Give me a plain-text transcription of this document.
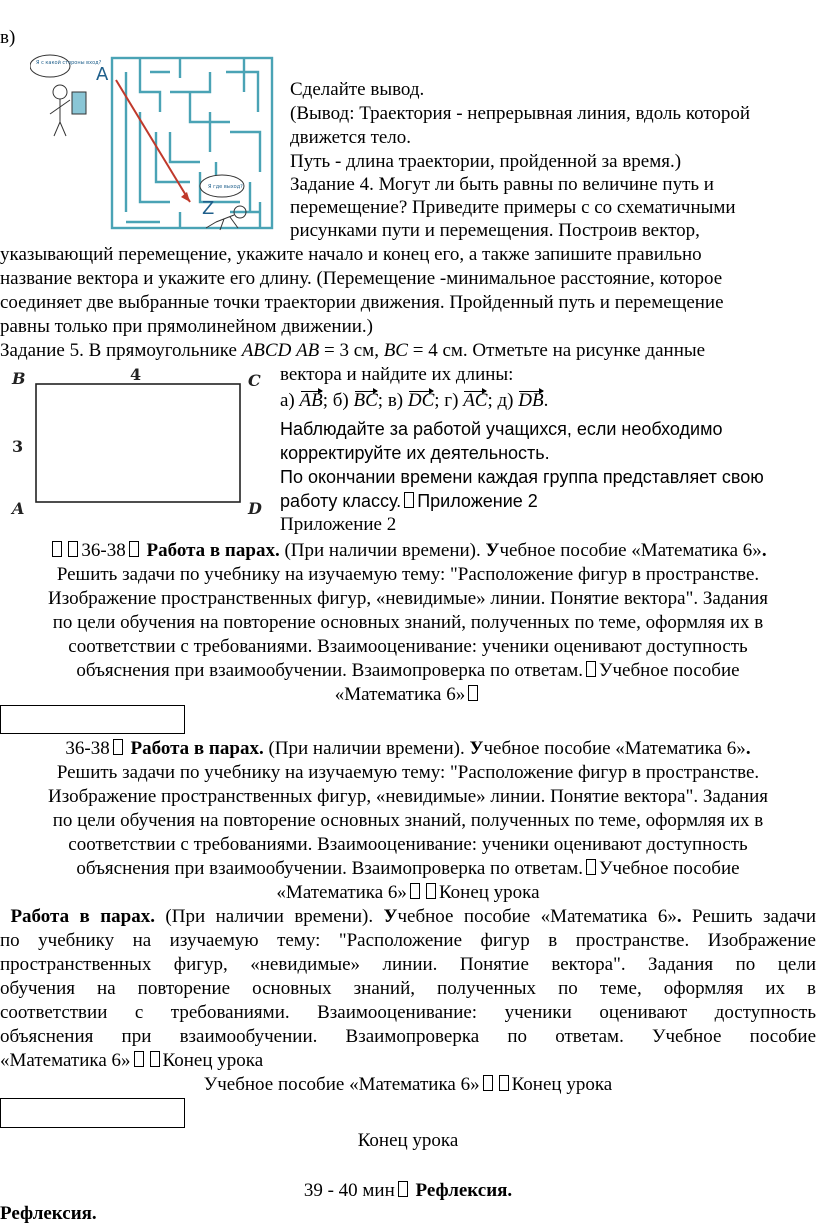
в)
А
Z
Я с какой стороны вход?
Я где выход?
Сделайте вывод.
(Вывод: Траектория - непрерывная линия, вдоль которой
движется тело.
Путь - длина траектории, пройденной за время.)
Задание 4. Могут ли быть равны по величине путь и
перемещение? Приведите примеры с со схематичными
рисунками пути и перемещения. Построив вектор,
указывающий перемещение, укажите начало и конец его, а также запишите правильно
название вектора и укажите его длину. (Перемещение -минимальное расстояние, которое
соединяет две выбранные точки траектории движения. Пройденный путь и перемещение
равны только при прямолинейном движении.)
Задание 5. В прямоугольнике ABCD AB = 3 см, BC = 4 см. Отметьте на рисунке данные
B	C
A	D
4
3
вектора и найдите их длины:
а) AB; б) BC; в) DC; г) AC; д) DB.
Наблюдайте за работой учащихся, если необходимо
корректируйте их деятельность.
По окончании времени каждая группа представляет свою
работу классу. Приложение 2
Приложение 2
36-38 Работа в парах. (При наличии времени). Учебное пособие «Математика 6».
Решить задачи по учебнику на изучаемую тему: "Расположение фигур в пространстве.
Изображение пространственных фигур, «невидимые» линии. Понятие вектора". Задания
по цели обучения на повторение основных знаний, полученных по теме, оформляя их в
соответствии с требованиями. Взаимооценивание: ученики оценивают доступность
объяснения при взаимообучении. Взаимопроверка по ответам. Учебное пособие
«Математика 6»
36-38 Работа в парах. (При наличии времени). Учебное пособие «Математика 6».
Решить задачи по учебнику на изучаемую тему: "Расположение фигур в пространстве.
Изображение пространственных фигур, «невидимые» линии. Понятие вектора". Задания
по цели обучения на повторение основных знаний, полученных по теме, оформляя их в
соответствии с требованиями. Взаимооценивание: ученики оценивают доступность
объяснения при взаимообучении. Взаимопроверка по ответам. Учебное пособие
«Математика 6» Конец урока
Работа в парах. (При наличии времени). Учебное пособие «Математика 6». Решить задачи
по учебнику на изучаемую тему: "Расположение фигур в пространстве. Изображение
пространственных фигур, «невидимые» линии. Понятие вектора". Задания по цели
обучения на повторение основных знаний, полученных по теме, оформляя их в
соответствии с требованиями. Взаимооценивание: ученики оценивают доступность
объяснения при взаимообучении. Взаимопроверка по ответам. Учебное пособие
«Математика 6» Конец урока
Учебное пособие «Математика 6» Конец урока
Конец урока
39 - 40 мин Рефлексия.
Рефлексия.
